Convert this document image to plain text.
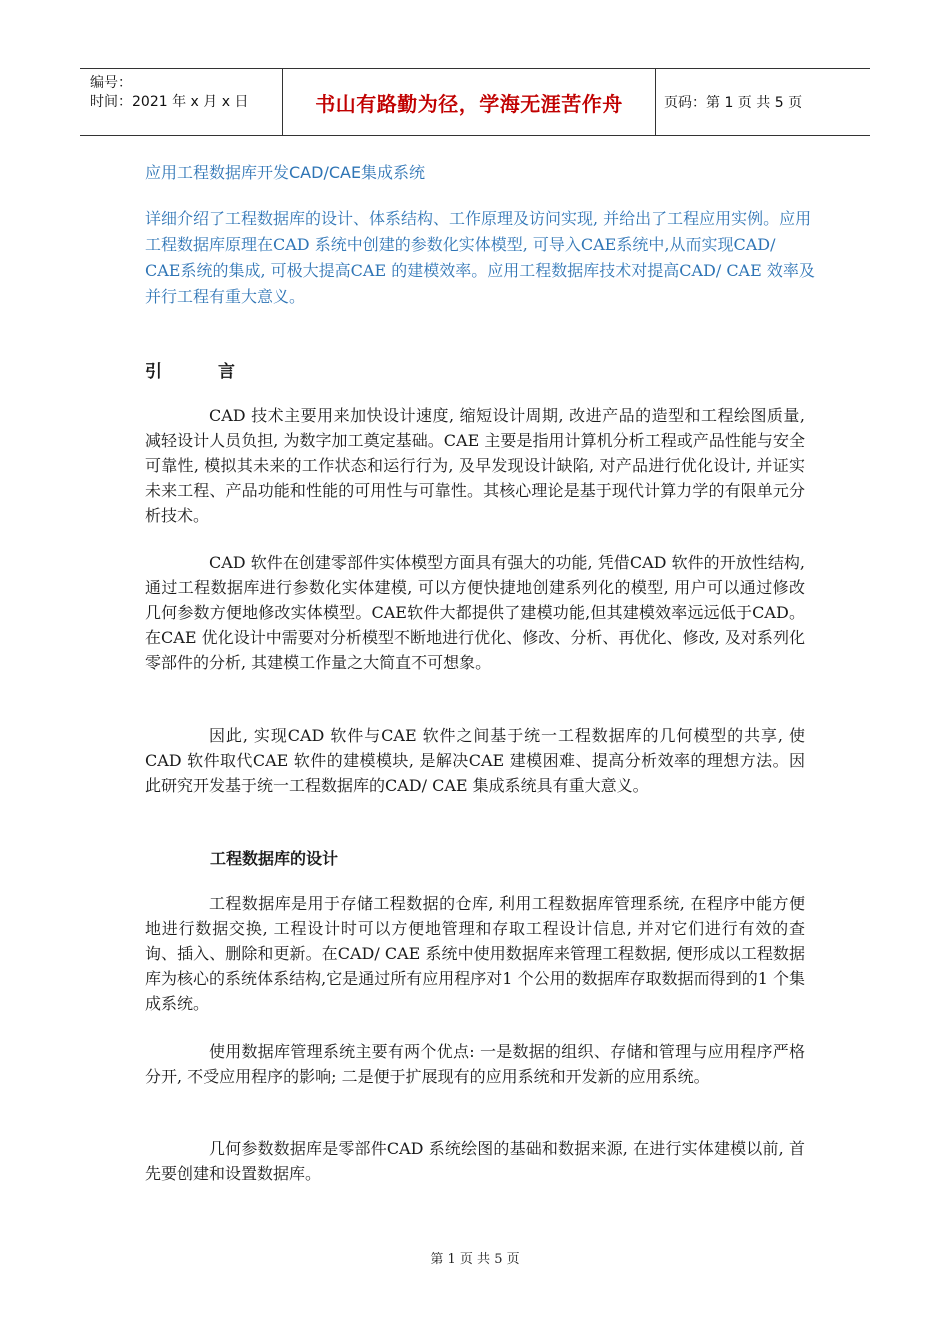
编号：
时间：2021 年 x 月 x 日	书山有路勤为径，学海无涯苦作舟	页码：第 1 页 共 5 页
应用工程数据库开发CAD/CAE集成系统

详细介绍了工程数据库的设计、体系结构、工作原理及访问实现, 并给出了工程应用实例。应用工程数据库原理在CAD 系统中创建的参数化实体模型, 可导入CAE系统中,从而实现CAD/ CAE系统的集成, 可极大提高CAE 的建模效率。应用工程数据库技术对提高CAD/ CAE 效率及并行工程有重大意义。

引言

CAD 技术主要用来加快设计速度, 缩短设计周期, 改进产品的造型和工程绘图质量, 减轻设计人员负担, 为数字加工奠定基础。CAE 主要是指用计算机分析工程或产品性能与安全可靠性, 模拟其未来的工作状态和运行行为, 及早发现设计缺陷, 对产品进行优化设计, 并证实未来工程、产品功能和性能的可用性与可靠性。其核心理论是基于现代计算力学的有限单元分析技术。

CAD 软件在创建零部件实体模型方面具有强大的功能, 凭借CAD 软件的开放性结构, 通过工程数据库进行参数化实体建模, 可以方便快捷地创建系列化的模型, 用户可以通过修改几何参数方便地修改实体模型。CAE软件大都提供了建模功能,但其建模效率远远低于CAD。在CAE 优化设计中需要对分析模型不断地进行优化、修改、分析、再优化、修改, 及对系列化零部件的分析, 其建模工作量之大简直不可想象。

因此, 实现CAD 软件与CAE 软件之间基于统一工程数据库的几何模型的共享, 使CAD 软件取代CAE 软件的建模模块, 是解决CAE 建模困难、提高分析效率的理想方法。因此研究开发基于统一工程数据库的CAD/ CAE 集成系统具有重大意义。

工程数据库的设计

工程数据库是用于存储工程数据的仓库, 利用工程数据库管理系统, 在程序中能方便地进行数据交换, 工程设计时可以方便地管理和存取工程设计信息, 并对它们进行有效的查询、插入、删除和更新。在CAD/ CAE 系统中使用数据库来管理工程数据, 便形成以工程数据库为核心的系统体系结构,它是通过所有应用程序对1 个公用的数据库存取数据而得到的1 个集成系统。

使用数据库管理系统主要有两个优点: 一是数据的组织、存储和管理与应用程序严格分开, 不受应用程序的影响; 二是便于扩展现有的应用系统和开发新的应用系统。

几何参数数据库是零部件CAD 系统绘图的基础和数据来源, 在进行实体建模以前, 首先要创建和设置数据库。

第 1 页 共 5 页
